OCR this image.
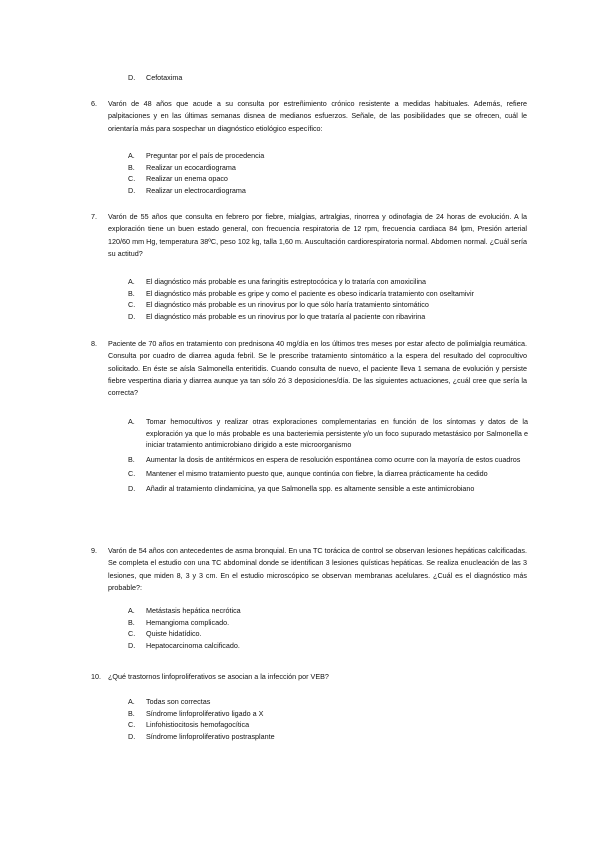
D. Cefotaxima
6. Varón de 48 años que acude a su consulta por estreñimiento crónico resistente a medidas habituales. Además, refiere palpitaciones y en las últimas semanas disnea de medianos esfuerzos. Señale, de las posibilidades que se ofrecen, cuál le orientaría más para sospechar un diagnóstico etiológico específico:
A. Preguntar por el país de procedencia
B. Realizar un ecocardiograma
C. Realizar un enema opaco
D. Realizar un electrocardiograma
7. Varón de 55 años que consulta en febrero por fiebre, mialgias, artralgias, rinorrea y odinofagia de 24 horas de evolución. A la exploración tiene un buen estado general, con frecuencia respiratoria de 12 rpm, frecuencia cardiaca 84 lpm, Presión arterial 120/60 mm Hg, temperatura 38ºC, peso 102 kg, talla 1,60 m. Auscultación cardiorespiratoria normal. Abdomen normal. ¿Cuál sería su actitud?
A. El diagnóstico más probable es una faringitis estreptocócica y lo trataría con amoxicilina
B. El diagnóstico más probable es gripe y como el paciente es obeso indicaría tratamiento con oseltamivir
C. El diagnóstico más probable es un rinovirus por lo que sólo haría tratamiento sintomático
D. El diagnóstico más probable es un rinovirus por lo que trataría al paciente con ribavirina
8. Paciente de 70 años en tratamiento con prednisona 40 mg/día en los últimos tres meses por estar afecto de polimialgia reumática. Consulta por cuadro de diarrea aguda febril. Se le prescribe tratamiento sintomático a la espera del resultado del coprocultivo solicitado. En éste se aísla Salmonella enteritidis. Cuando consulta de nuevo, el paciente lleva 1 semana de evolución y persiste fiebre vespertina diaria y diarrea aunque ya tan sólo 2ó 3 deposiciones/día. De las siguientes actuaciones, ¿cuál cree que sería la correcta?
A. Tomar hemocultivos y realizar otras exploraciones complementarias en función de los síntomas y datos de la exploración ya que lo más probable es una bacteriemia persistente y/o un foco supurado metastásico por Salmonella e iniciar tratamiento antimicrobiano dirigido a este microorganismo
B. Aumentar la dosis de antitérmicos en espera de resolución espontánea como ocurre con la mayoría de estos cuadros
C. Mantener el mismo tratamiento puesto que, aunque continúa con fiebre, la diarrea prácticamente ha cedido
D. Añadir al tratamiento clindamicina, ya que Salmonella spp. es altamente sensible a este antimicrobiano
9. Varón de 54 años con antecedentes de asma bronquial. En una TC torácica de control se observan lesiones hepáticas calcificadas. Se completa el estudio con una TC abdominal donde se identifican 3 lesiones quísticas hepáticas. Se realiza enucleación de las 3 lesiones, que miden 8, 3 y 3 cm. En el estudio microscópico se observan membranas acelulares. ¿Cuál es el diagnóstico más probable?:
A. Metástasis hepática necrótica
B. Hemangioma complicado.
C. Quiste hidatídico.
D. Hepatocarcinoma calcificado.
10. ¿Qué trastornos linfoproliferativos se asocian a la infección por VEB?
A. Todas son correctas
B. Síndrome linfoproliferativo ligado a X
C. Linfohistiocitosis hemofagocítica
D. Síndrome linfoproliferativo postrasplante
